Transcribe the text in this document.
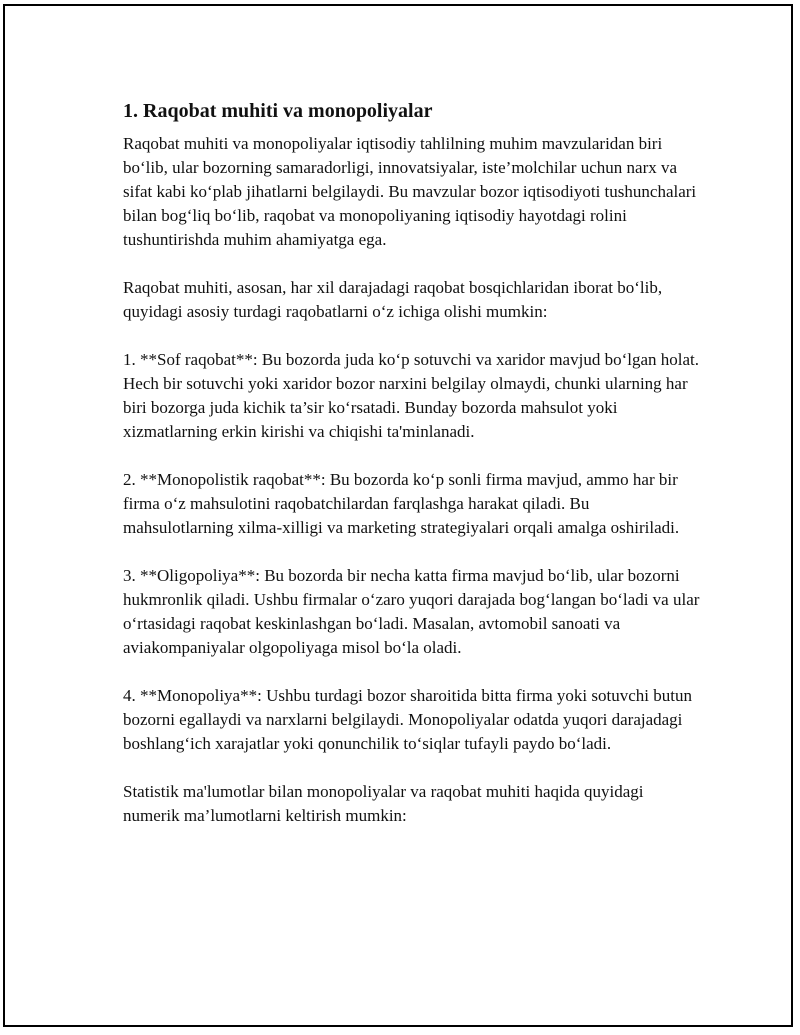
1. Raqobat muhiti va monopoliyalar

Raqobat muhiti va monopoliyalar iqtisodiy tahlilning muhim mavzularidan biri bo‘lib, ular bozorning samaradorligi, innovatsiyalar, iste’molchilar uchun narx va sifat kabi ko‘plab jihatlarni belgilaydi. Bu mavzular bozor iqtisodiyoti tushunchalari bilan bog‘liq bo‘lib, raqobat va monopoliyaning iqtisodiy hayotdagi rolini tushuntirishda muhim ahamiyatga ega.

Raqobat muhiti, asosan, har xil darajadagi raqobat bosqichlaridan iborat bo‘lib, quyidagi asosiy turdagi raqobatlarni o‘z ichiga olishi mumkin:

1. **Sof raqobat**: Bu bozorda juda ko‘p sotuvchi va xaridor mavjud bo‘lgan holat. Hech bir sotuvchi yoki xaridor bozor narxini belgilay olmaydi, chunki ularning har biri bozorga juda kichik ta’sir ko‘rsatadi. Bunday bozorda mahsulot yoki xizmatlarning erkin kirishi va chiqishi ta'minlanadi.

2. **Monopolistik raqobat**: Bu bozorda ko‘p sonli firma mavjud, ammo har bir firma o‘z mahsulotini raqobatchilardan farqlashga harakat qiladi. Bu mahsulotlarning xilma-xilligi va marketing strategiyalari orqali amalga oshiriladi.

3. **Oligopoliya**: Bu bozorda bir necha katta firma mavjud bo‘lib, ular bozorni hukmronlik qiladi. Ushbu firmalar o‘zaro yuqori darajada bog‘langan bo‘ladi va ular o‘rtasidagi raqobat keskinlashgan bo‘ladi. Masalan, avtomobil sanoati va aviakompaniyalar olgopoliyaga misol bo‘la oladi.

4. **Monopoliya**: Ushbu turdagi bozor sharoitida bitta firma yoki sotuvchi butun bozorni egallaydi va narxlarni belgilaydi. Monopoliyalar odatda yuqori darajadagi boshlang‘ich xarajatlar yoki qonunchilik to‘siqlar tufayli paydo bo‘ladi.

Statistik ma'lumotlar bilan monopoliyalar va raqobat muhiti haqida quyidagi numerik ma’lumotlarni keltirish mumkin:
